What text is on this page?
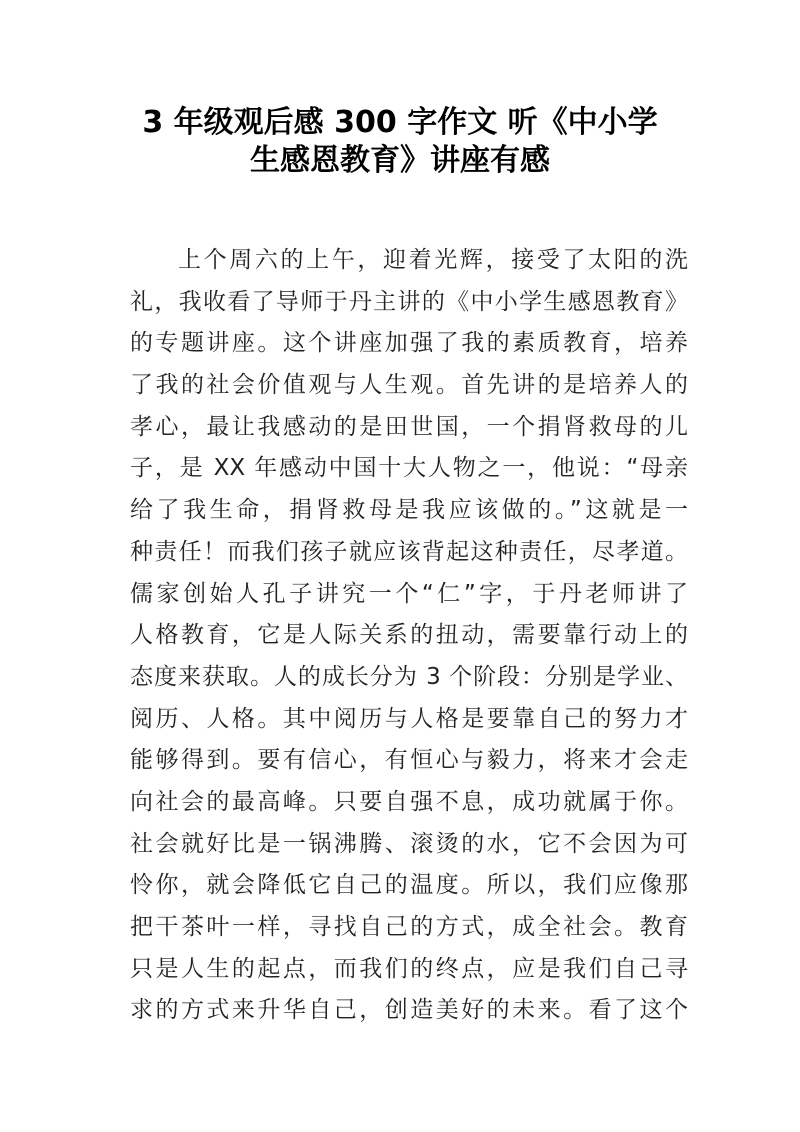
3 年级观后感 300 字作文 听《中小学
生感恩教育》讲座有感
上个周六的上午，迎着光辉，接受了太阳的洗
礼，我收看了导师于丹主讲的《中小学生感恩教育》
的专题讲座。这个讲座加强了我的素质教育，培养
了我的社会价值观与人生观。首先讲的是培养人的
孝心，最让我感动的是田世国，一个捐肾救母的儿
子，是 XX 年感动中国十大人物之一，他说：“母亲
给了我生命，捐肾救母是我应该做的。”这就是一
种责任！而我们孩子就应该背起这种责任，尽孝道。
儒家创始人孔子讲究一个“仁”字，于丹老师讲了
人格教育，它是人际关系的扭动，需要靠行动上的
态度来获取。人的成长分为 3 个阶段：分别是学业、
阅历、人格。其中阅历与人格是要靠自己的努力才
能够得到。要有信心，有恒心与毅力，将来才会走
向社会的最高峰。只要自强不息，成功就属于你。
社会就好比是一锅沸腾、滚烫的水，它不会因为可
怜你，就会降低它自己的温度。所以，我们应像那
把干茶叶一样，寻找自己的方式，成全社会。教育
只是人生的起点，而我们的终点，应是我们自己寻
求的方式来升华自己，创造美好的未来。看了这个
